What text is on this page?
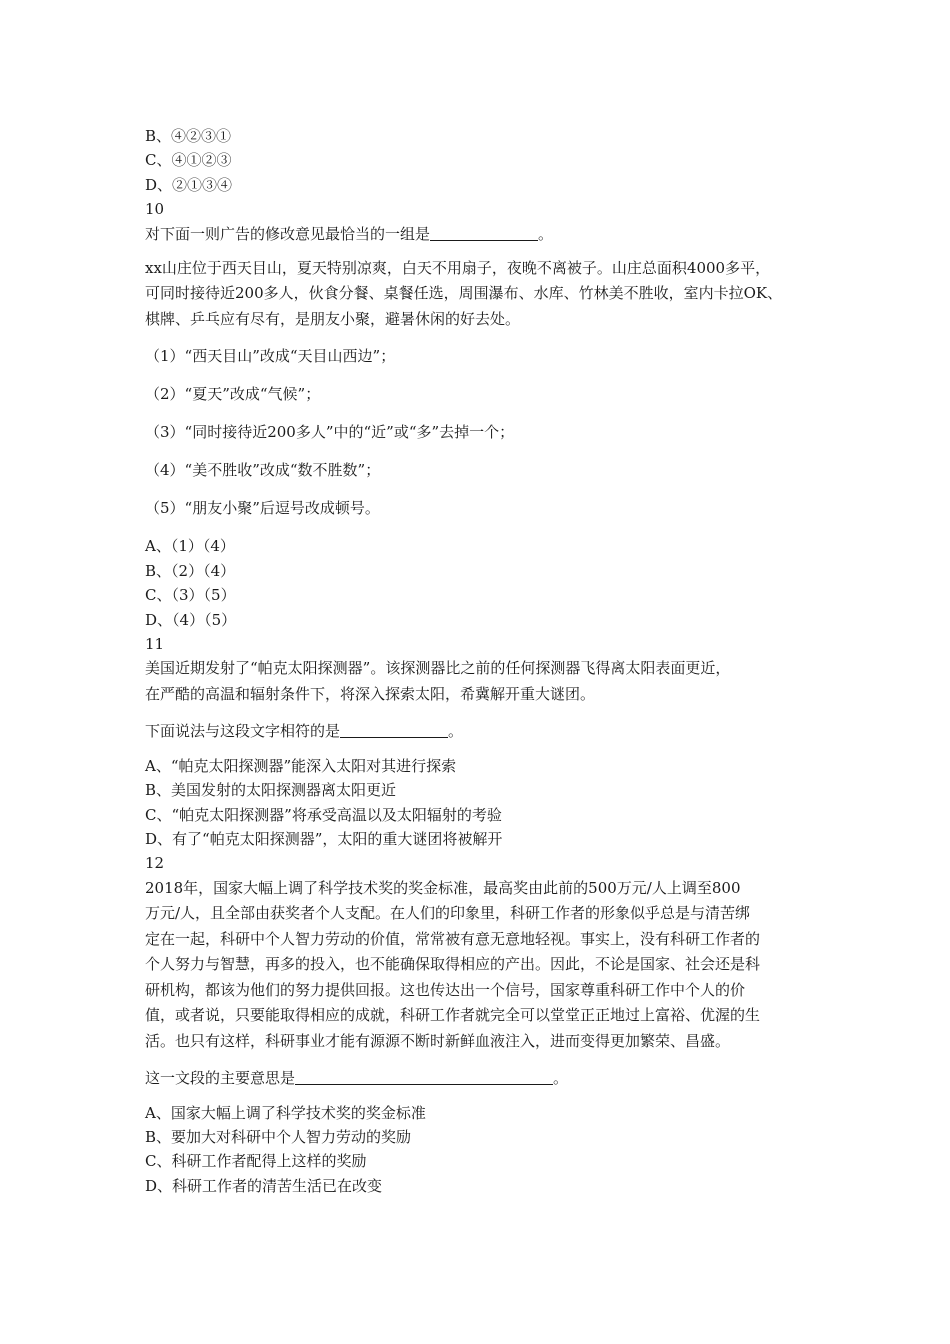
B、④②③①
C、④①②③
D、②①③④
10
对下面一则广告的修改意见最恰当的一组是	。
xx山庄位于西天目山，夏天特别凉爽，白天不用扇子，夜晚不离被子。山庄总面积4000多平，
可同时接待近200多人，伙食分餐、桌餐任选，周围瀑布、水库、竹林美不胜收，室内卡拉OK、
棋牌、乒乓应有尽有，是朋友小聚，避暑休闲的好去处。
（1）“西天目山”改成“天目山西边”；
（2）“夏天”改成“气候”；
（3）“同时接待近200多人”中的“近”或“多”去掉一个；
（4）“美不胜收”改成“数不胜数”；
（5）“朋友小聚”后逗号改成顿号。
A、（1）（4）
B、（2）（4）
C、（3）（5）
D、（4）（5）
11
美国近期发射了“帕克太阳探测器”。该探测器比之前的任何探测器飞得离太阳表面更近，
在严酷的高温和辐射条件下，将深入探索太阳，希冀解开重大谜团。
下面说法与这段文字相符的是	。
A、“帕克太阳探测器”能深入太阳对其进行探索
B、美国发射的太阳探测器离太阳更近
C、“帕克太阳探测器”将承受高温以及太阳辐射的考验
D、有了“帕克太阳探测器”，太阳的重大谜团将被解开
12
2018年，国家大幅上调了科学技术奖的奖金标准，最高奖由此前的500万元/人上调至800
万元/人，且全部由获奖者个人支配。在人们的印象里，科研工作者的形象似乎总是与清苦绑
定在一起，科研中个人智力劳动的价值，常常被有意无意地轻视。事实上，没有科研工作者的
个人努力与智慧，再多的投入，也不能确保取得相应的产出。因此，不论是国家、社会还是科
研机构，都该为他们的努力提供回报。这也传达出一个信号，国家尊重科研工作中个人的价
值，或者说，只要能取得相应的成就，科研工作者就完全可以堂堂正正地过上富裕、优渥的生
活。也只有这样，科研事业才能有源源不断时新鲜血液注入，进而变得更加繁荣、昌盛。
这一文段的主要意思是	。
A、国家大幅上调了科学技术奖的奖金标准
B、要加大对科研中个人智力劳动的奖励
C、科研工作者配得上这样的奖励
D、科研工作者的清苦生活已在改变
